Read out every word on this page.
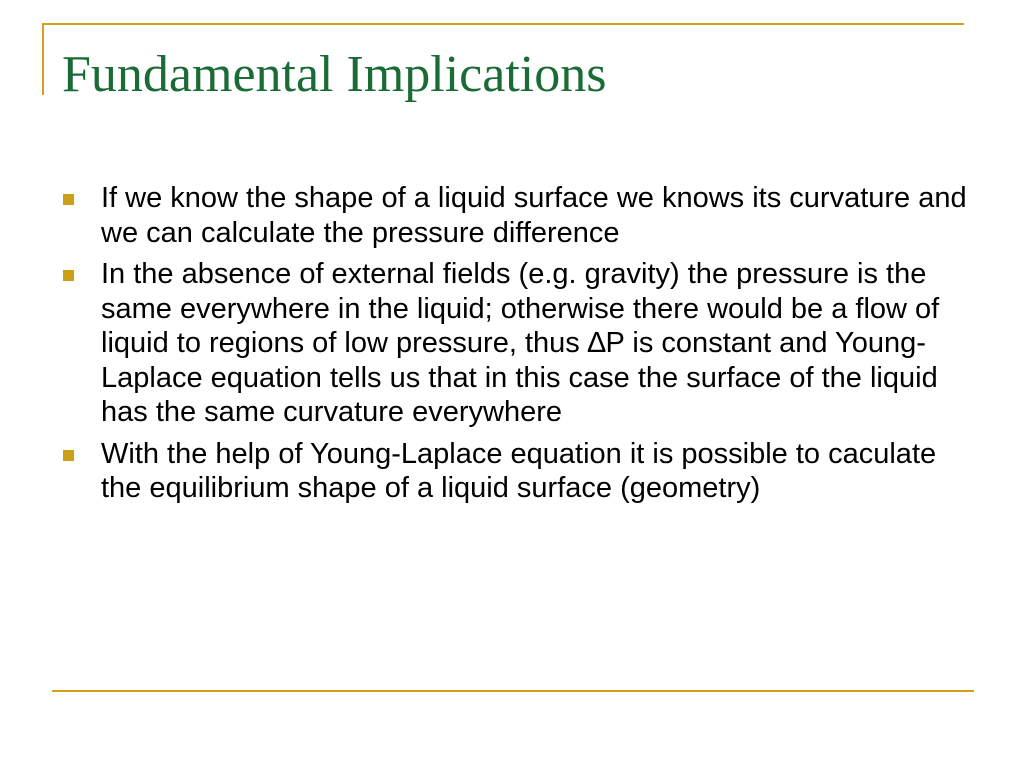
Fundamental Implications
If we know the shape of a liquid surface we knows its curvature and we can calculate the pressure difference
In the absence of external fields (e.g. gravity) the pressure is the same everywhere in the liquid; otherwise there would be a flow of liquid to regions of low pressure, thus ∆P is constant and Young-Laplace equation tells us that in this case the surface of the liquid has the same curvature everywhere
With the help of Young-Laplace equation it is possible to caculate the equilibrium shape of a liquid surface (geometry)
